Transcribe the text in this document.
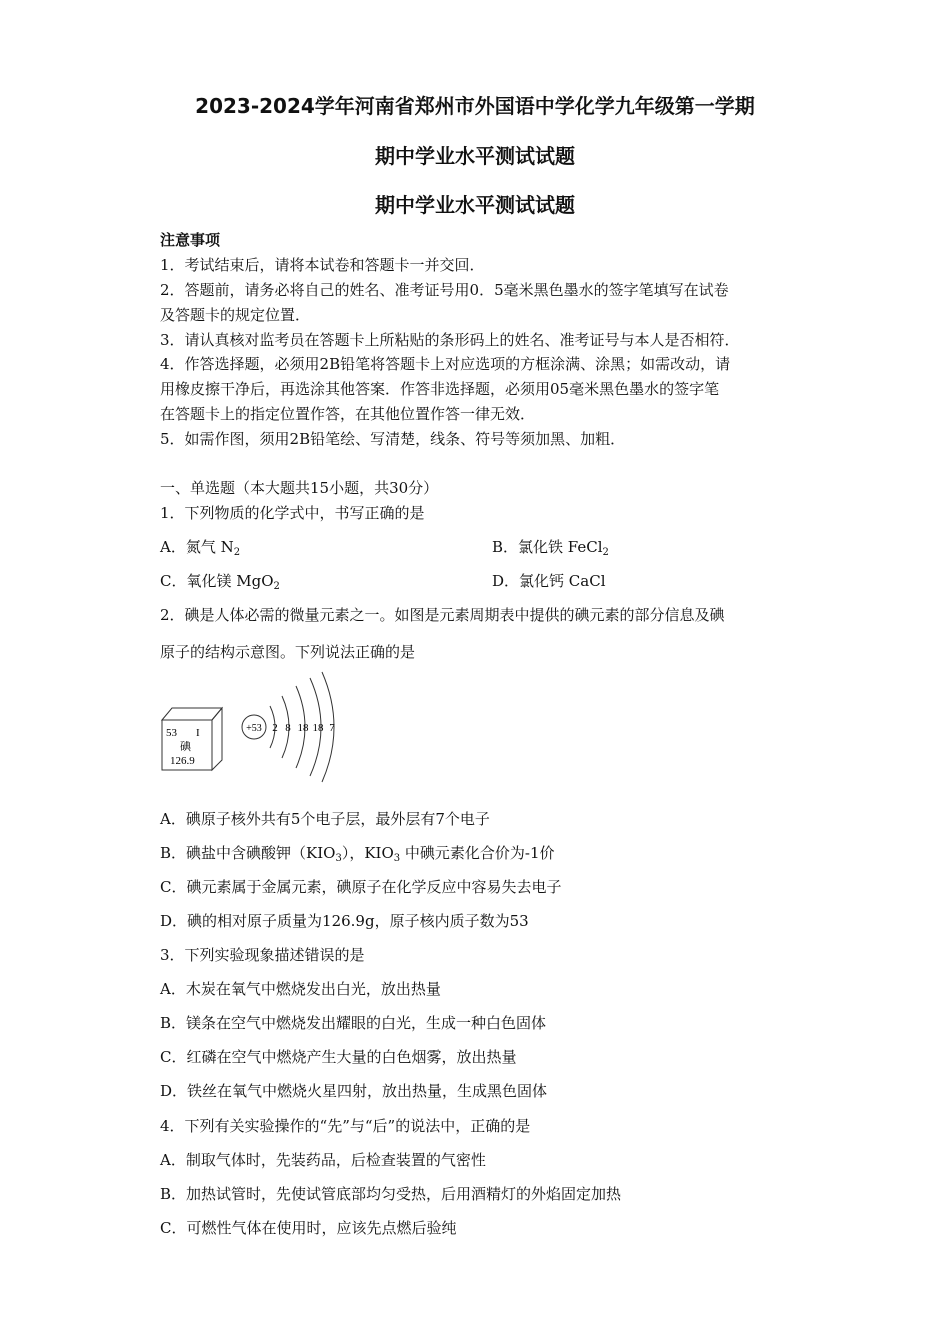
2023-2024学年河南省郑州市外国语中学化学九年级第一学期
期中学业水平测试试题
期中学业水平测试试题
注意事项
1．考试结束后，请将本试卷和答题卡一并交回．
2．答题前，请务必将自己的姓名、准考证号用0．5毫米黑色墨水的签字笔填写在试卷
及答题卡的规定位置．
3．请认真核对监考员在答题卡上所粘贴的条形码上的姓名、准考证号与本人是否相符．
4．作答选择题，必须用2B铅笔将答题卡上对应选项的方框涂满、涂黑；如需改动，请
用橡皮擦干净后，再选涂其他答案．作答非选择题，必须用05毫米黑色墨水的签字笔
在答题卡上的指定位置作答，在其他位置作答一律无效．
5．如需作图，须用2B铅笔绘、写清楚，线条、符号等须加黑、加粗．
一、单选题（本大题共15小题，共30分）
1．下列物质的化学式中，书写正确的是
A．氮气 $N_2$	B．氯化铁 FeCl$_2$
C．氧化镁 MgO$_2$	D．氯化钙 CaCl
2．碘是人体必需的微量元素之一。如图是元素周期表中提供的碘元素的部分信息及碘
原子的结构示意图。下列说法正确的是
53 I
碘
126.9
+53 2 8 18 18 7
A．碘原子核外共有5个电子层，最外层有7个电子
B．碘盐中含碘酸钾$(KIO_3)$，$KIO_3$ 中碘元素化合价为-1价
C．碘元素属于金属元素，碘原子在化学反应中容易失去电子
D．碘的相对原子质量为126.9g，原子核内质子数为53
3．下列实验现象描述错误的是
A．木炭在氧气中燃烧发出白光，放出热量
B．镁条在空气中燃烧发出耀眼的白光，生成一种白色固体
C．红磷在空气中燃烧产生大量的白色烟雾，放出热量
D．铁丝在氧气中燃烧火星四射，放出热量，生成黑色固体
4．下列有关实验操作的“先”与“后”的说法中，正确的是
A．制取气体时，先装药品，后检查装置的气密性
B．加热试管时，先使试管底部均匀受热，后用酒精灯的外焰固定加热
C．可燃性气体在使用时，应该先点燃后验纯
